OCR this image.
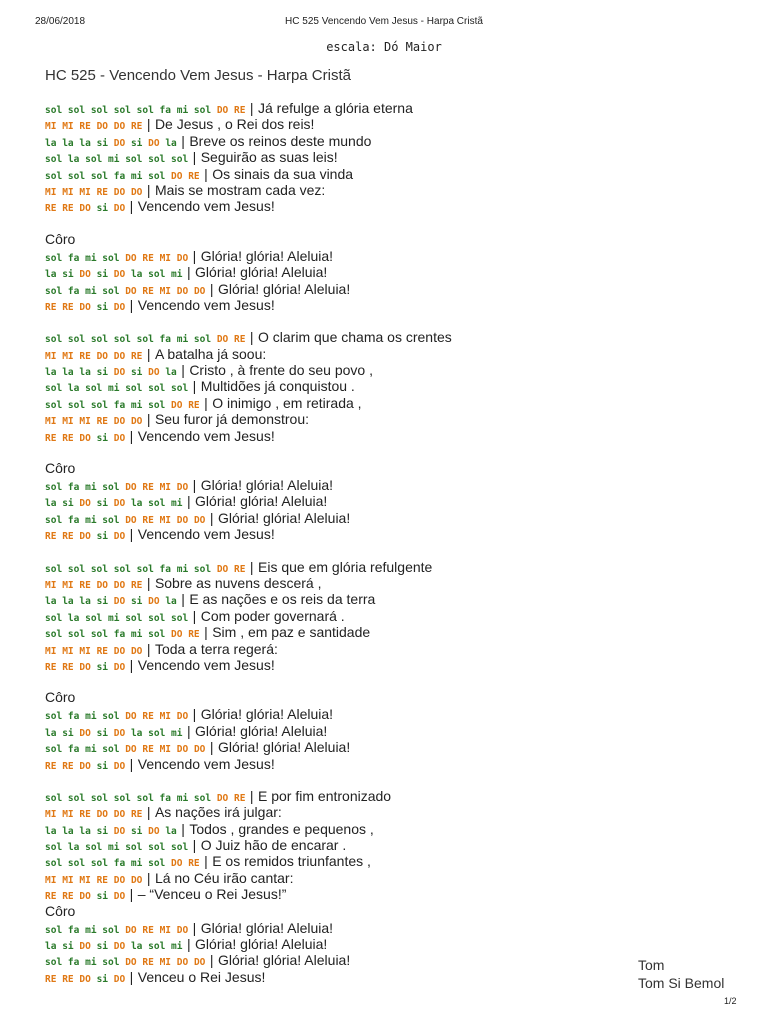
28/06/2018	HC 525 Vencendo Vem Jesus - Harpa Cristã
escala: Dó Maior
HC 525 - Vencendo Vem Jesus - Harpa Cristã
sol sol sol sol sol fa mi sol DO RE | Já refulge a glória eterna
MI MI RE DO DO RE | De Jesus , o Rei dos reis!
la la la si DO si DO la | Breve os reinos deste mundo
sol la sol mi sol sol sol | Seguirão as suas leis!
sol sol sol fa mi sol DO RE | Os sinais da sua vinda
MI MI MI RE DO DO | Mais se mostram cada vez:
RE RE DO si DO | Vencendo vem Jesus!
Côro
sol fa mi sol DO RE MI DO | Glória! glória! Aleluia!
la si DO si DO la sol mi | Glória! glória! Aleluia!
sol fa mi sol DO RE MI DO DO | Glória! glória! Aleluia!
RE RE DO si DO | Vencendo vem Jesus!
sol sol sol sol sol fa mi sol DO RE | O clarim que chama os crentes
MI MI RE DO DO RE | A batalha já soou:
la la la si DO si DO la | Cristo , à frente do seu povo ,
sol la sol mi sol sol sol | Multidões já conquistou .
sol sol sol fa mi sol DO RE | O inimigo , em retirada ,
MI MI MI RE DO DO | Seu furor já demonstrou:
RE RE DO si DO | Vencendo vem Jesus!
Côro
sol fa mi sol DO RE MI DO | Glória! glória! Aleluia!
la si DO si DO la sol mi | Glória! glória! Aleluia!
sol fa mi sol DO RE MI DO DO | Glória! glória! Aleluia!
RE RE DO si DO | Vencendo vem Jesus!
sol sol sol sol sol fa mi sol DO RE | Eis que em glória refulgente
MI MI RE DO DO RE | Sobre as nuvens descerá ,
la la la si DO si DO la | E as nações e os reis da terra
sol la sol mi sol sol sol | Com poder governará .
sol sol sol fa mi sol DO RE | Sim , em paz e santidade
MI MI MI RE DO DO | Toda a terra regerá:
RE RE DO si DO | Vencendo vem Jesus!
Côro
sol fa mi sol DO RE MI DO | Glória! glória! Aleluia!
la si DO si DO la sol mi | Glória! glória! Aleluia!
sol fa mi sol DO RE MI DO DO | Glória! glória! Aleluia!
RE RE DO si DO | Vencendo vem Jesus!
sol sol sol sol sol fa mi sol DO RE | E por fim entronizado
MI MI RE DO DO RE | As nações irá julgar:
la la la si DO si DO la | Todos , grandes e pequenos ,
sol la sol mi sol sol sol | O Juiz hão de encarar .
sol sol sol fa mi sol DO RE | E os remidos triunfantes ,
MI MI MI RE DO DO | Lá no Céu irão cantar:
RE RE DO si DO | – “Venceu o Rei Jesus!”
Côro
sol fa mi sol DO RE MI DO | Glória! glória! Aleluia!
la si DO si DO la sol mi | Glória! glória! Aleluia!
sol fa mi sol DO RE MI DO DO | Glória! glória! Aleluia!
RE RE DO si DO | Venceu o Rei Jesus!
Tom
Tom Si Bemol
1/2
